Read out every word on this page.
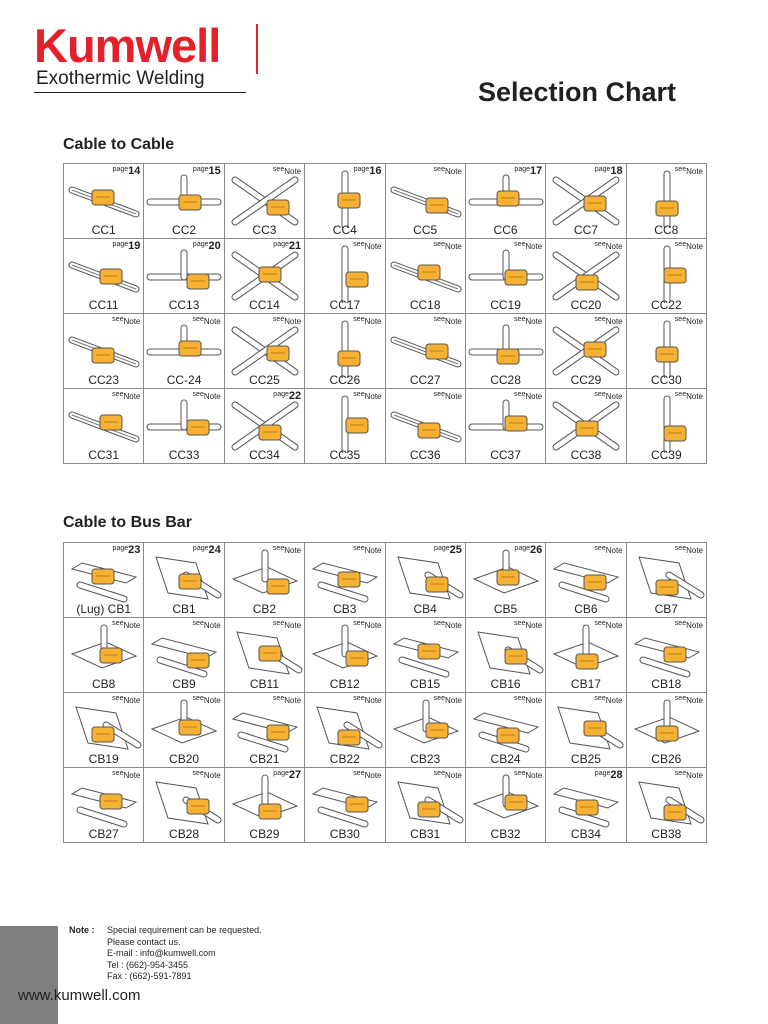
Kumwell
Exothermic Welding	Selection Chart
Cable to Cable
$^{page}$14
CC1
$^{page}$15
CC2
$^{see}$Note
CC3
$^{page}$16
CC4
$^{see}$Note
CC5
$^{page}$17
CC6
$^{page}$18
CC7
$^{see}$Note
CC8
$^{page}$19
CC11
$^{page}$20
CC13
$^{page}$21
CC14
$^{see}$Note
CC17
$^{see}$Note
CC18
$^{see}$Note
CC19
$^{see}$Note
CC20
$^{see}$Note
CC22
$^{see}$Note
CC23
$^{see}$Note
CC-24
$^{see}$Note
CC25
$^{see}$Note
CC26
$^{see}$Note
CC27
$^{see}$Note
CC28
$^{see}$Note
CC29
$^{see}$Note
CC30
$^{see}$Note
CC31
$^{see}$Note
CC33
$^{page}$22
CC34
$^{see}$Note
CC35
$^{see}$Note
CC36
$^{see}$Note
CC37
$^{see}$Note
CC38
$^{see}$Note
CC39
Cable to Bus Bar
$^{page}$23
(Lug) CB1
$^{page}$24
CB1
$^{see}$Note
CB2
$^{see}$Note
CB3
$^{page}$25
CB4
$^{page}$26
CB5
$^{see}$Note
CB6
$^{see}$Note
CB7
$^{see}$Note
CB8
$^{see}$Note
CB9
$^{see}$Note
CB11
$^{see}$Note
CB12
$^{see}$Note
CB15
$^{see}$Note
CB16
$^{see}$Note
CB17
$^{see}$Note
CB18
$^{see}$Note
CB19
$^{see}$Note
CB20
$^{see}$Note
CB21
$^{see}$Note
CB22
$^{see}$Note
CB23
$^{see}$Note
CB24
$^{see}$Note
CB25
$^{see}$Note
CB26
$^{see}$Note
CB27
$^{see}$Note
CB28
$^{page}$27
CB29
$^{see}$Note
CB30
$^{see}$Note
CB31
$^{see}$Note
CB32
$^{page}$28
CB34
$^{see}$Note
CB38
Note : Special requirement can be requested.
Please contact us.
E-mail : info@kumwell.com
Tel : (662)-954-3455
Fax : (662)-591-7891
www.kumwell.com
